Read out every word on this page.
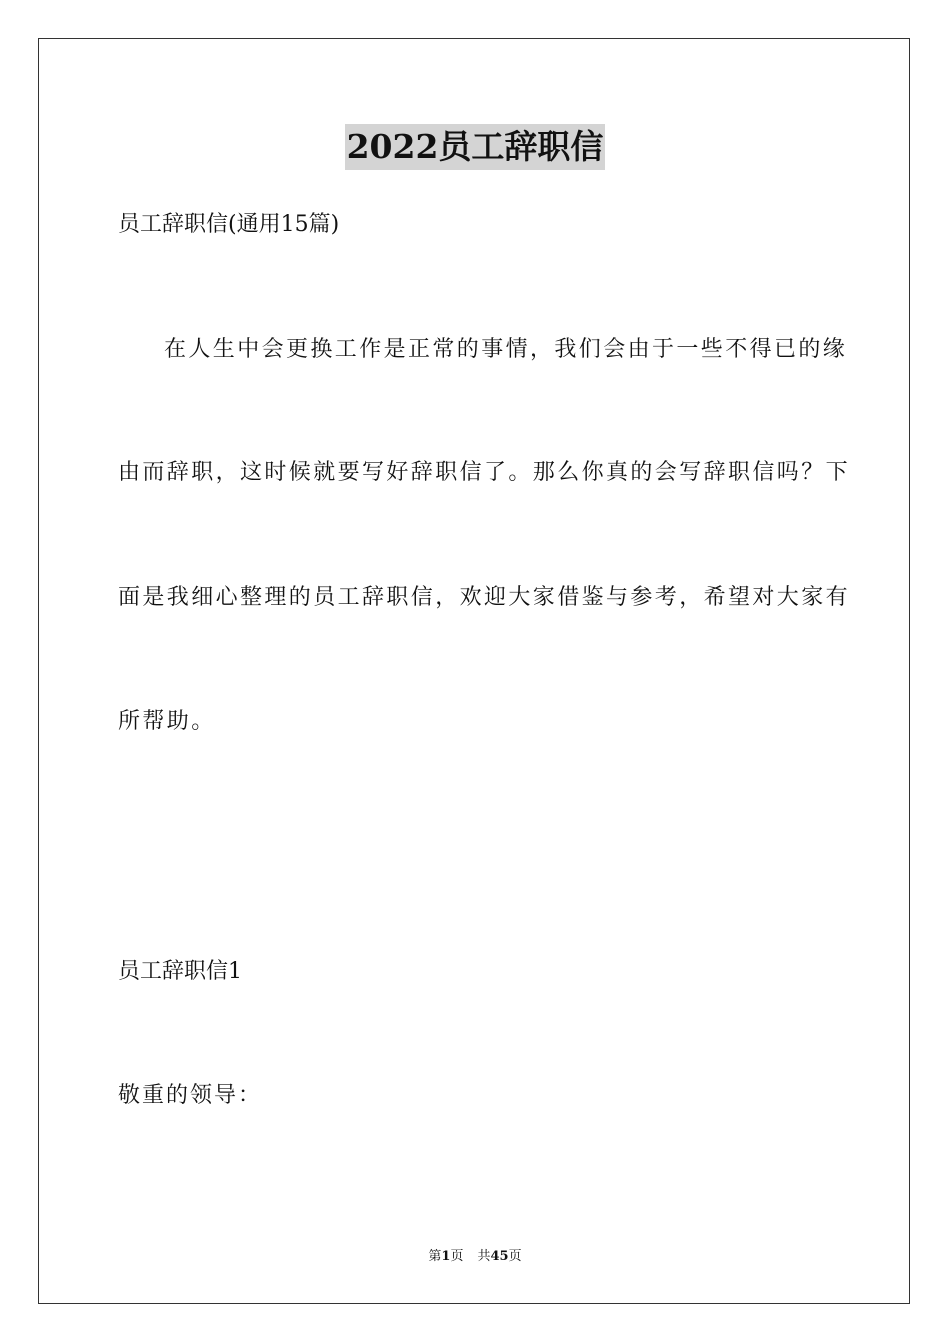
2022员工辞职信
员工辞职信(通用15篇)
在人生中会更换工作是正常的事情，我们会由于一些不得已的缘
由而辞职，这时候就要写好辞职信了。那么你真的会写辞职信吗？下
面是我细心整理的员工辞职信，欢迎大家借鉴与参考，希望对大家有
所帮助。
员工辞职信1
敬重的领导：
第1页 共45页
